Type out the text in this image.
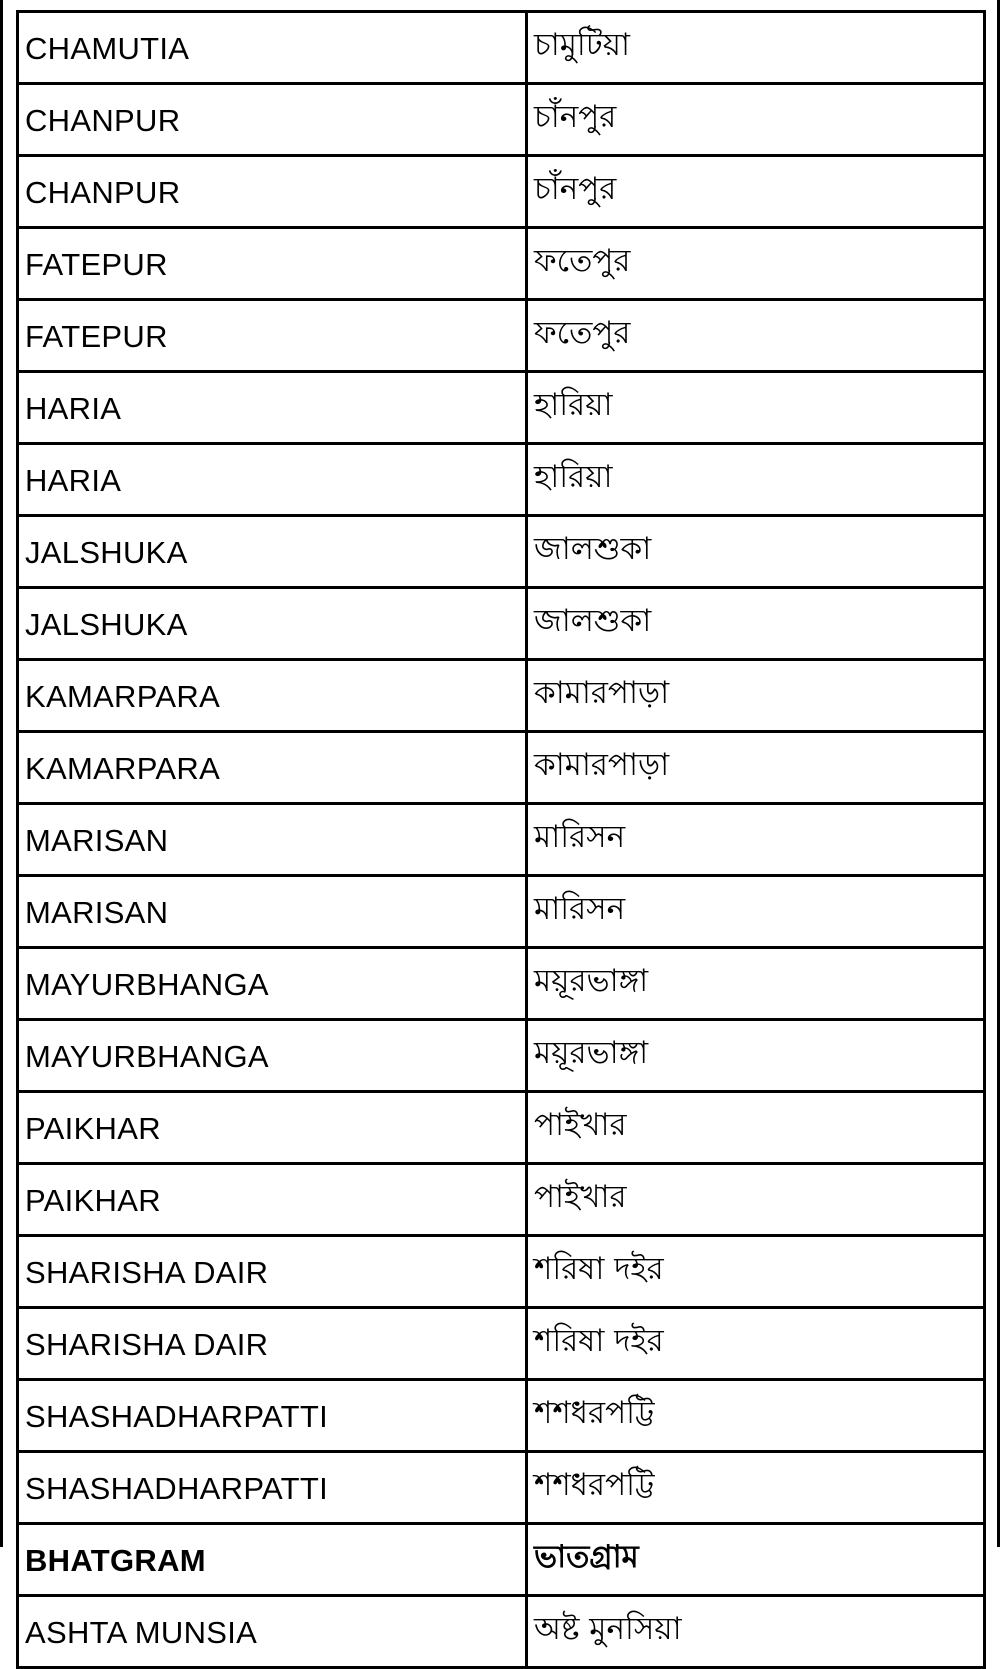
CHAMUTIA	চামুটিয়া
CHANPUR	চাঁনপুর
CHANPUR	চাঁনপুর
FATEPUR	ফতেপুর
FATEPUR	ফতেপুর
HARIA	হারিয়া
HARIA	হারিয়া
JALSHUKA	জালশুকা
JALSHUKA	জালশুকা
KAMARPARA	কামারপাড়া
KAMARPARA	কামারপাড়া
MARISAN	মারিসন
MARISAN	মারিসন
MAYURBHANGA	ময়ূরভাঙ্গা
MAYURBHANGA	ময়ূরভাঙ্গা
PAIKHAR	পাইখার
PAIKHAR	পাইখার
SHARISHA DAIR	শরিষা দইর
SHARISHA DAIR	শরিষা দইর
SHASHADHARPATTI	শশধরপট্টি
SHASHADHARPATTI	শশধরপট্টি
BHATGRAM	ভাতগ্রাম
ASHTA MUNSIA	অষ্ট মুনসিয়া
